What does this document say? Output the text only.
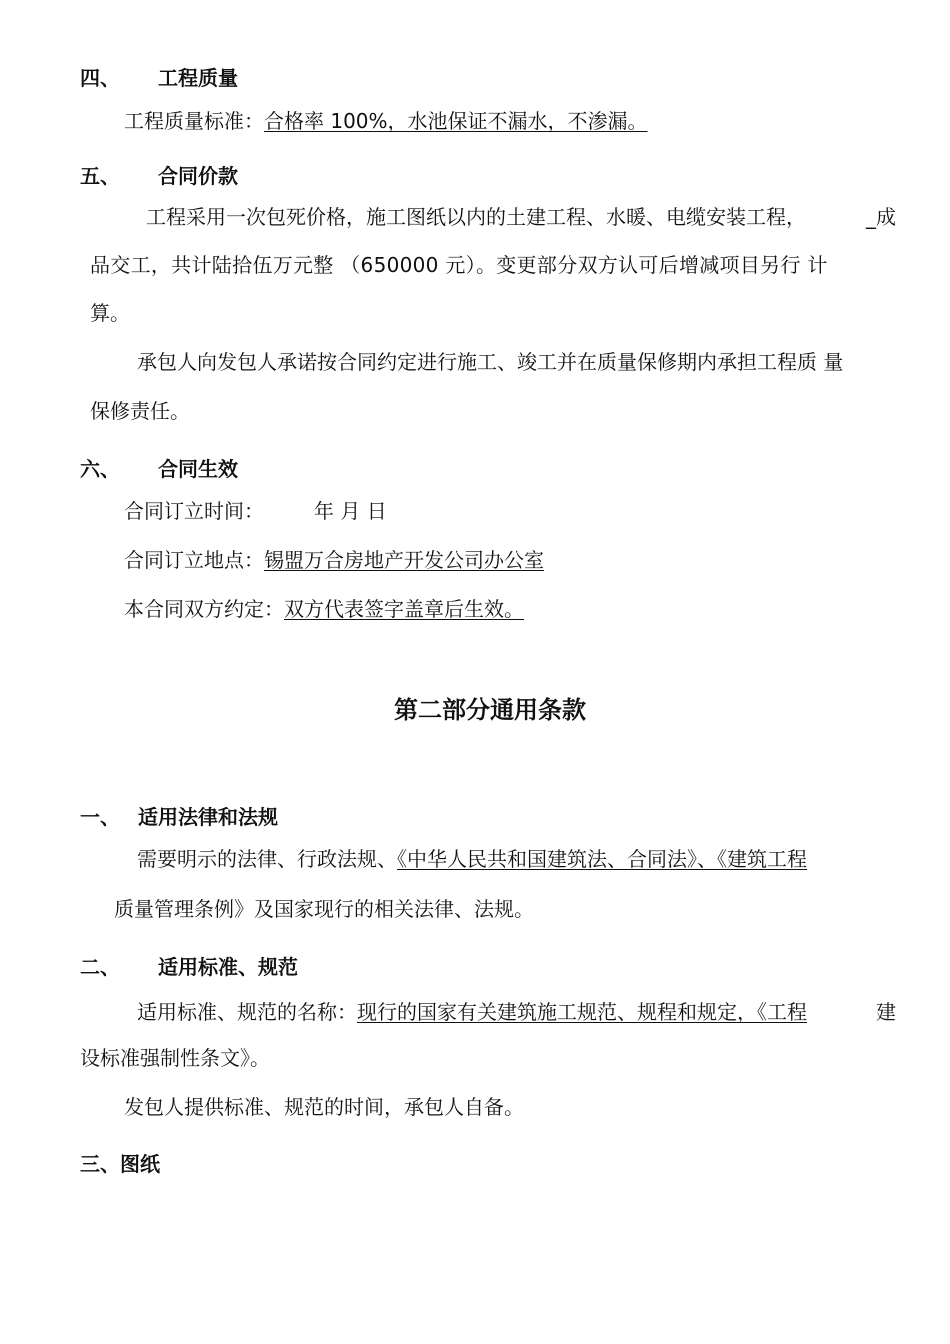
四、 工程质量
工程质量标准：合格率 100%，水池保证不漏水，不渗漏。
五、 合同价款
工程采用一次包死价格，施工图纸以内的土建工程、水暖、电缆安装工程，	_成
品交工，共计陆拾伍万元整 （650000 元）。变更部分双方认可后增减项目另行 计
算。
承包人向发包人承诺按合同约定进行施工、竣工并在质量保修期内承担工程质 量
保修责任。
六、 合同生效
合同订立时间：	年 月 日
合同订立地点：锡盟万合房地产开发公司办公室
本合同双方约定：双方代表签字盖章后生效。
第二部分通用条款
一、 适用法律和法规
需要明示的法律、行政法规、《中华人民共和国建筑法、合同法》、《建筑工程
质量管理条例》及国家现行的相关法律、法规。
二、 适用标准、规范
适用标准、规范的名称：现行的国家有关建筑施工规范、规程和规定，《工程	建
设标准强制性条文》。
发包人提供标准、规范的时间，承包人自备。
三、图纸
